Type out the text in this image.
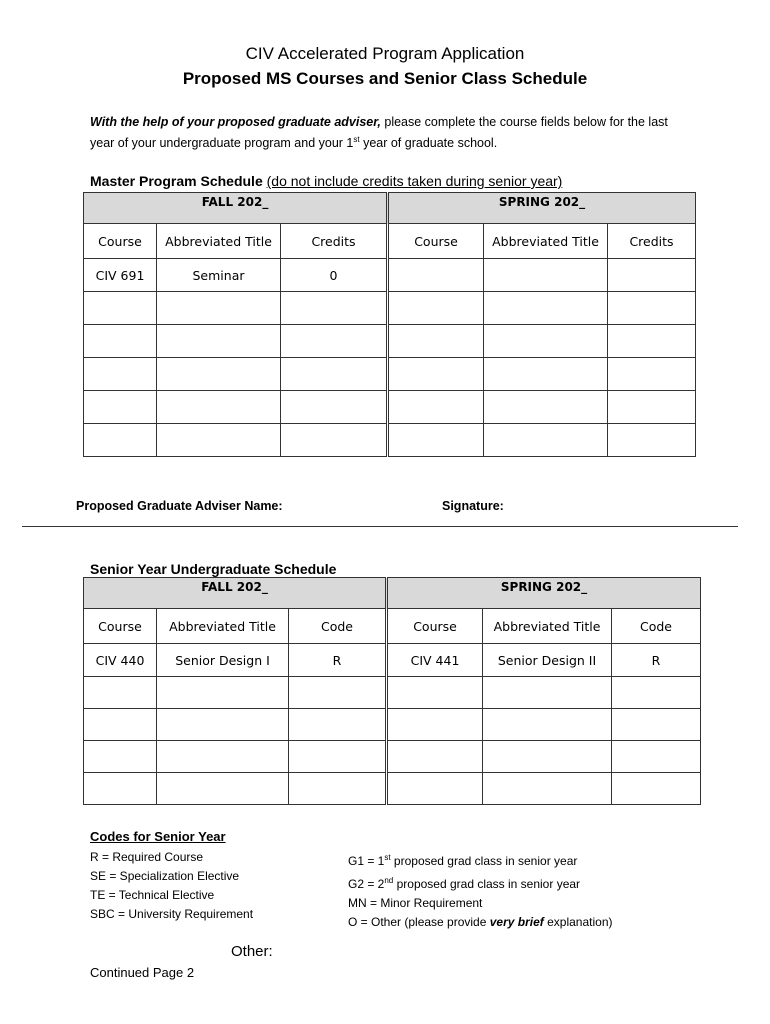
CIV Accelerated Program Application
Proposed MS Courses and Senior Class Schedule
With the help of your proposed graduate adviser, please complete the course fields below for the last year of your undergraduate program and your 1st year of graduate school.
Master Program Schedule (do not include credits taken during senior year)
FALL 202_			SPRING 202_		
Course	Abbreviated Title	Credits	Course	Abbreviated Title	Credits
CIV 691	Seminar	0			

Proposed Graduate Adviser Name:	Signature:
Senior Year Undergraduate Schedule
FALL 202_			SPRING 202_		
Course	Abbreviated Title	Code	Course	Abbreviated Title	Code
CIV 440	Senior Design I	R	CIV 441	Senior Design II	R

Codes for Senior Year
R = Required Course
SE = Specialization Elective
TE = Technical Elective
SBC = University Requirement
G1 = 1st proposed grad class in senior year
G2 = 2nd proposed grad class in senior year
MN = Minor Requirement
O = Other (please provide very brief explanation)
Other:
Continued Page 2
